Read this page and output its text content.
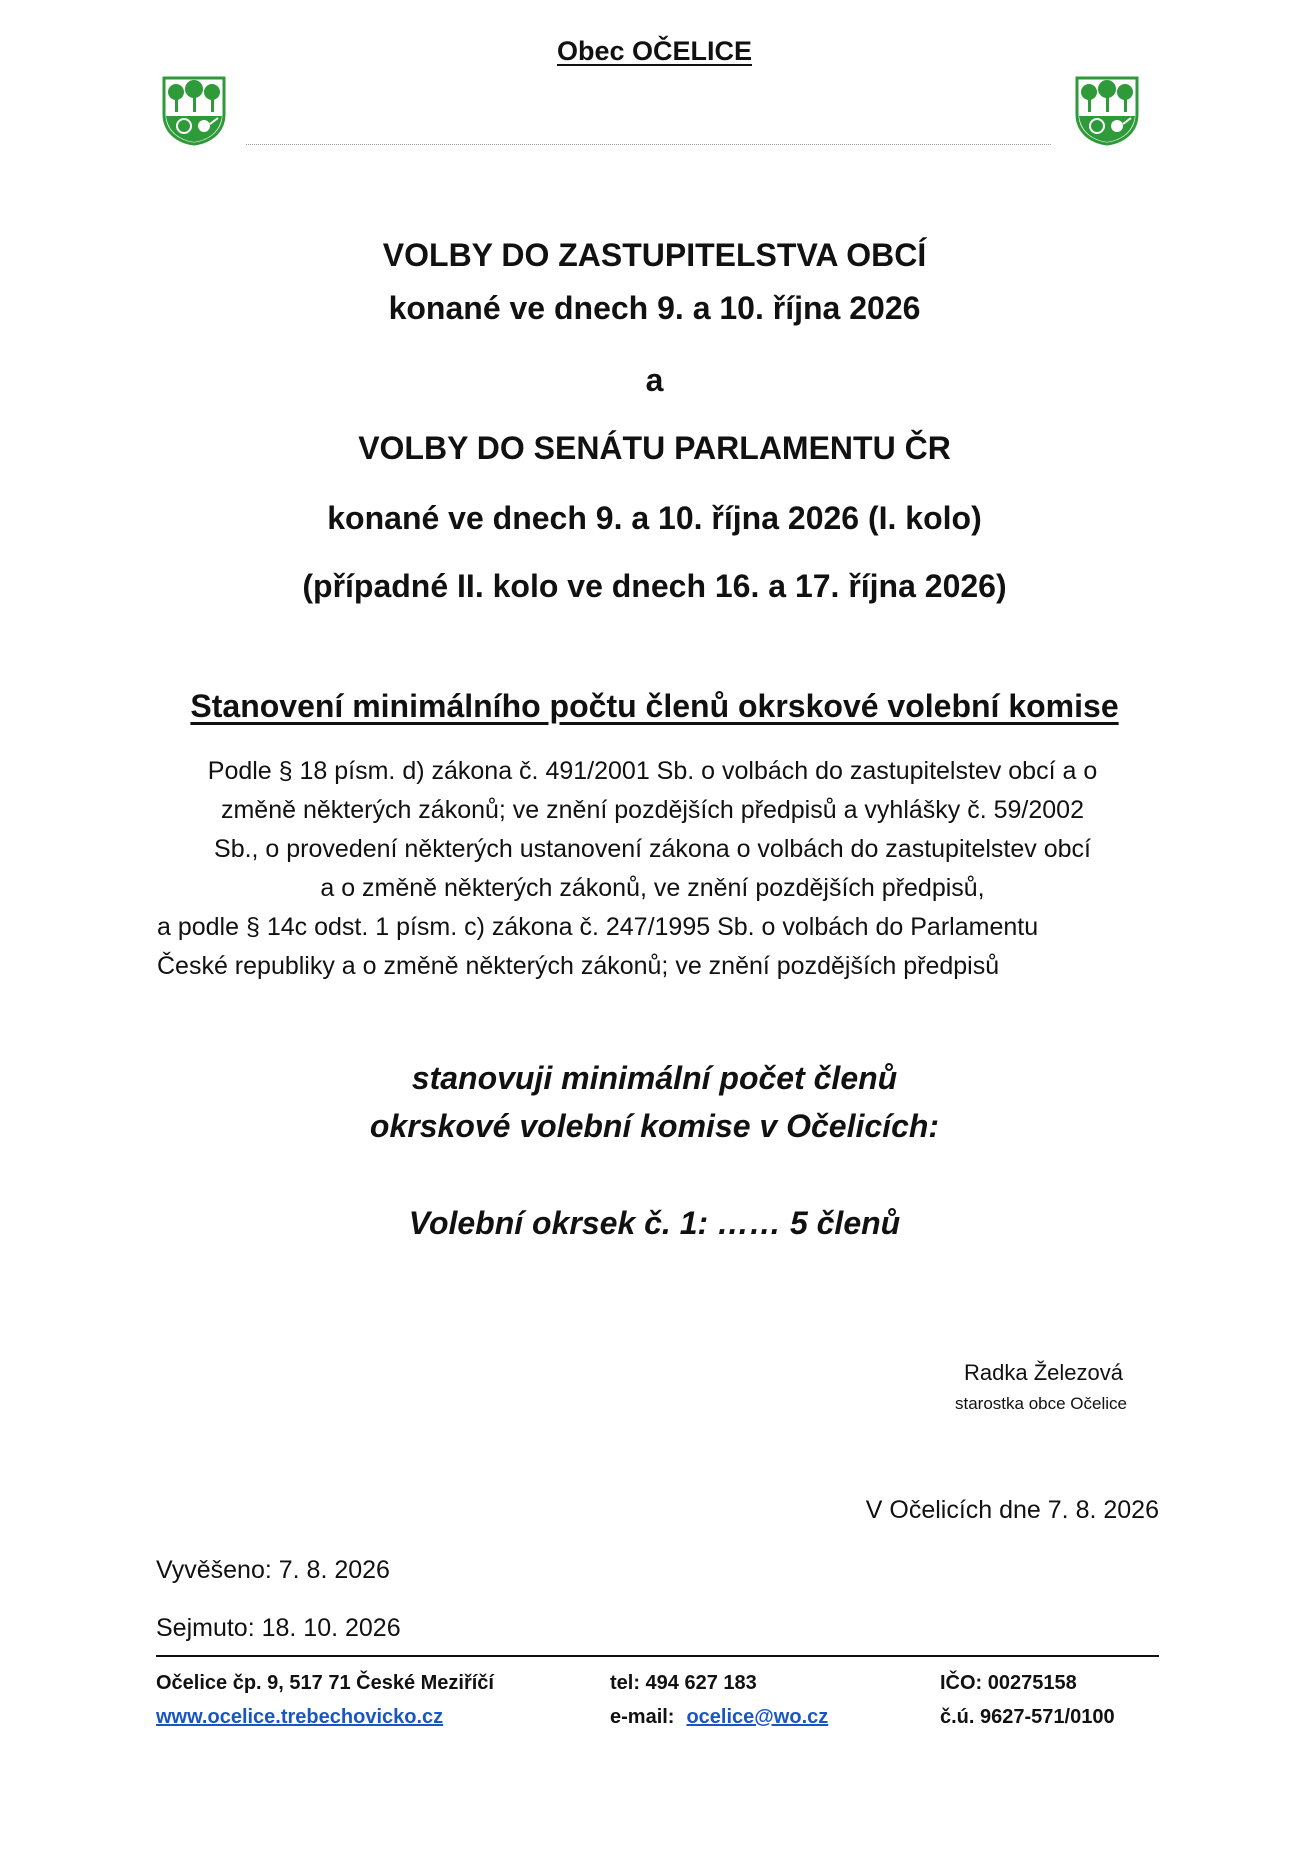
Obec OČELICE
VOLBY DO ZASTUPITELSTVA OBCÍ
konané ve dnech 9. a 10. října 2026
a
VOLBY DO SENÁTU PARLAMENTU ČR
konané ve dnech 9. a 10. října 2026 (I. kolo)
(případné II. kolo ve dnech 16. a 17. října 2026)
Stanovení minimálního počtu členů okrskové volební komise
Podle § 18 písm. d) zákona č. 491/2001 Sb. o volbách do zastupitelstev obcí a o
změně některých zákonů; ve znění pozdějších předpisů a vyhlášky č. 59/2002
Sb., o provedení některých ustanovení zákona o volbách do zastupitelstev obcí
a o změně některých zákonů, ve znění pozdějších předpisů,
a podle § 14c odst. 1 písm. c) zákona č. 247/1995 Sb. o volbách do Parlamentu
České republiky a o změně některých zákonů; ve znění pozdějších předpisů
stanovuji minimální počet členů
okrskové volební komise v Očelicích:
Volební okrsek č. 1: …… 5 členů
Radka Železová
starostka obce Očelice
V Očelicích dne 7. 8. 2026
Vyvěšeno: 7. 8. 2026
Sejmuto: 18. 10. 2026
Očelice čp. 9, 517 71 České Meziříčí
www.ocelice.trebechovicko.cz
tel: 494 627 183
e-mail: ocelice@wo.cz
IČO: 00275158
č.ú. 9627-571/0100
